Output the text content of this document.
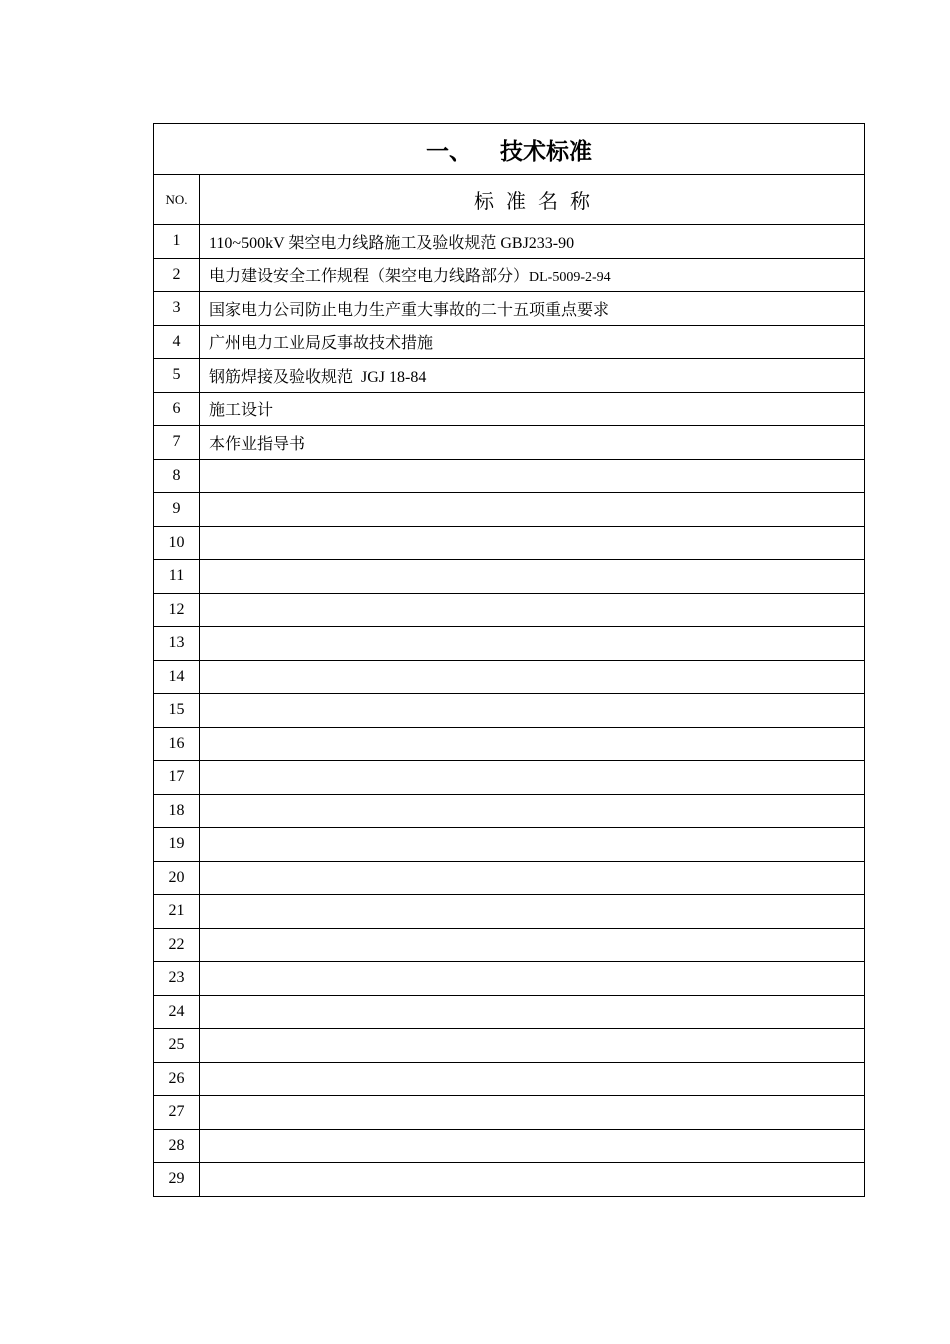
一、 技术标准	
NO.	标准名称
1	110~500kV 架空电力线路施工及验收规范 GBJ233-90
2	电力建设安全工作规程（架空电力线路部分）DL-5009-2-94
3	国家电力公司防止电力生产重大事故的二十五项重点要求
4	广州电力工业局反事故技术措施
5	钢筋焊接及验收规范  JGJ 18-84
6	施工设计
7	本作业指导书
8	
9	
10	
11	
12	
13	
14	
15	
16	
17	
18	
19	
20	
21	
22	
23	
24	
25	
26	
27	
28	
29	
